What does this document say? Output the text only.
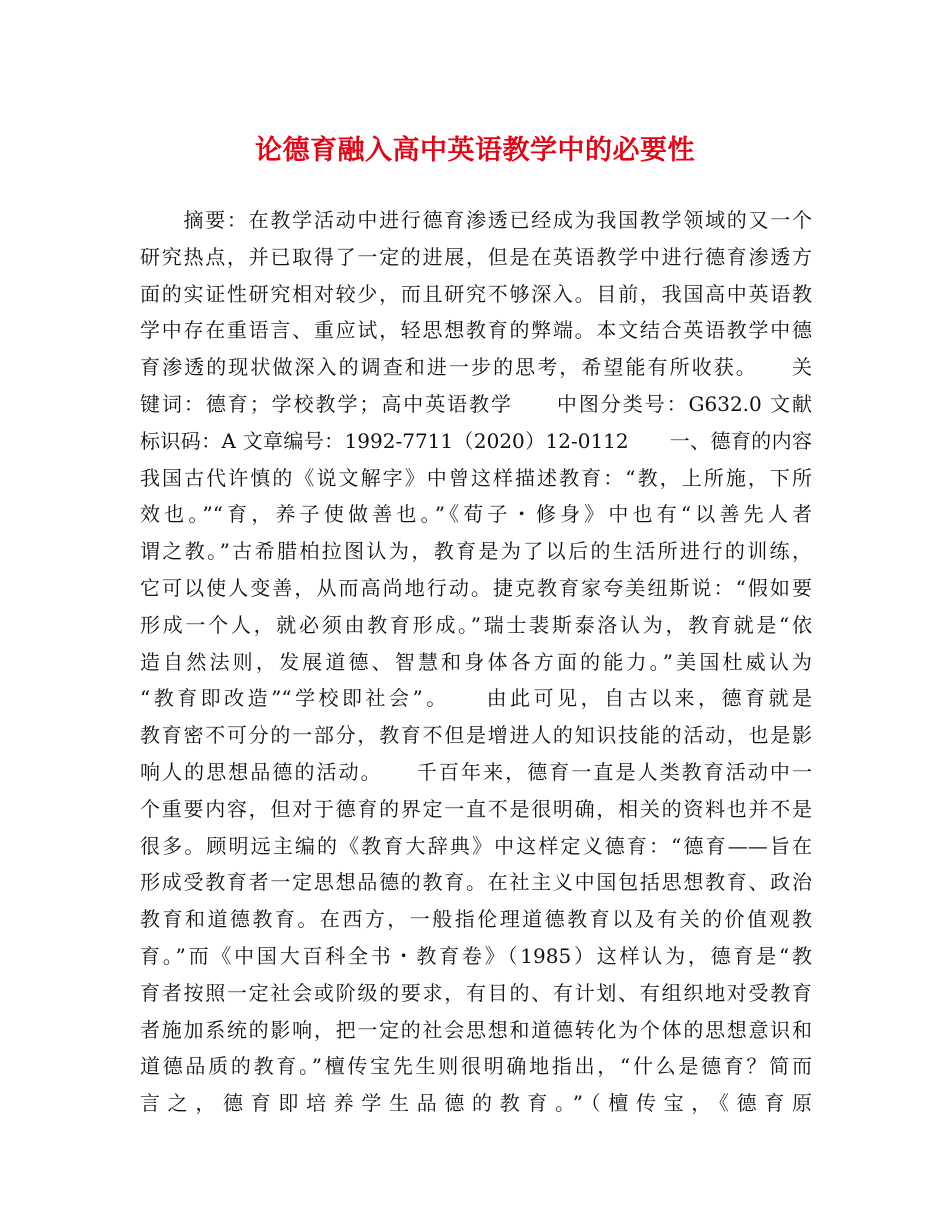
论德育融入高中英语教学中的必要性
　　摘要：在教学活动中进行德育渗透已经成为我国教学领域的又一个
研究热点，并已取得了一定的进展，但是在英语教学中进行德育渗透方
面的实证性研究相对较少，而且研究不够深入。目前，我国高中英语教
学中存在重语言、重应试，轻思想教育的弊端。本文结合英语教学中德
育渗透的现状做深入的调查和进一步的思考，希望能有所收获。　　关
键词：德育；学校教学；高中英语教学　　中图分类号：G632.0 文献
标识码：A 文章编号：1992-7711（2020）12-0112　　一、德育的内容
我国古代许慎的《说文解字》中曾这样描述教育：“教，上所施，下所
效也。”“育，养子使做善也。”《荀子・修身》中也有“以善先人者
谓之教。”古希腊柏拉图认为，教育是为了以后的生活所进行的训练，
它可以使人变善，从而高尚地行动。捷克教育家夸美纽斯说：“假如要
形成一个人，就必须由教育形成。”瑞士裴斯泰洛认为，教育就是“依
造自然法则，发展道德、智慧和身体各方面的能力。”美国杜威认为
“教育即改造”“学校即社会”。　　由此可见，自古以来，德育就是
教育密不可分的一部分，教育不但是增进人的知识技能的活动，也是影
响人的思想品德的活动。　　千百年来，德育一直是人类教育活动中一
个重要内容，但对于德育的界定一直不是很明确，相关的资料也并不是
很多。顾明远主编的《教育大辞典》中这样定义德育：“德育——旨在
形成受教育者一定思想品德的教育。在社主义中国包括思想教育、政治
教育和道德教育。在西方，一般指伦理道德教育以及有关的价值观教
育。”而《中国大百科全书・教育卷》（1985）这样认为，德育是“教
育者按照一定社会或阶级的要求，有目的、有计划、有组织地对受教育
者施加系统的影响，把一定的社会思想和道德转化为个体的思想意识和
道德品质的教育。”檀传宝先生则很明确地指出，“什么是德育？简而
言之，德育即培养学生品德的教育。”（檀传宝，《德育原
